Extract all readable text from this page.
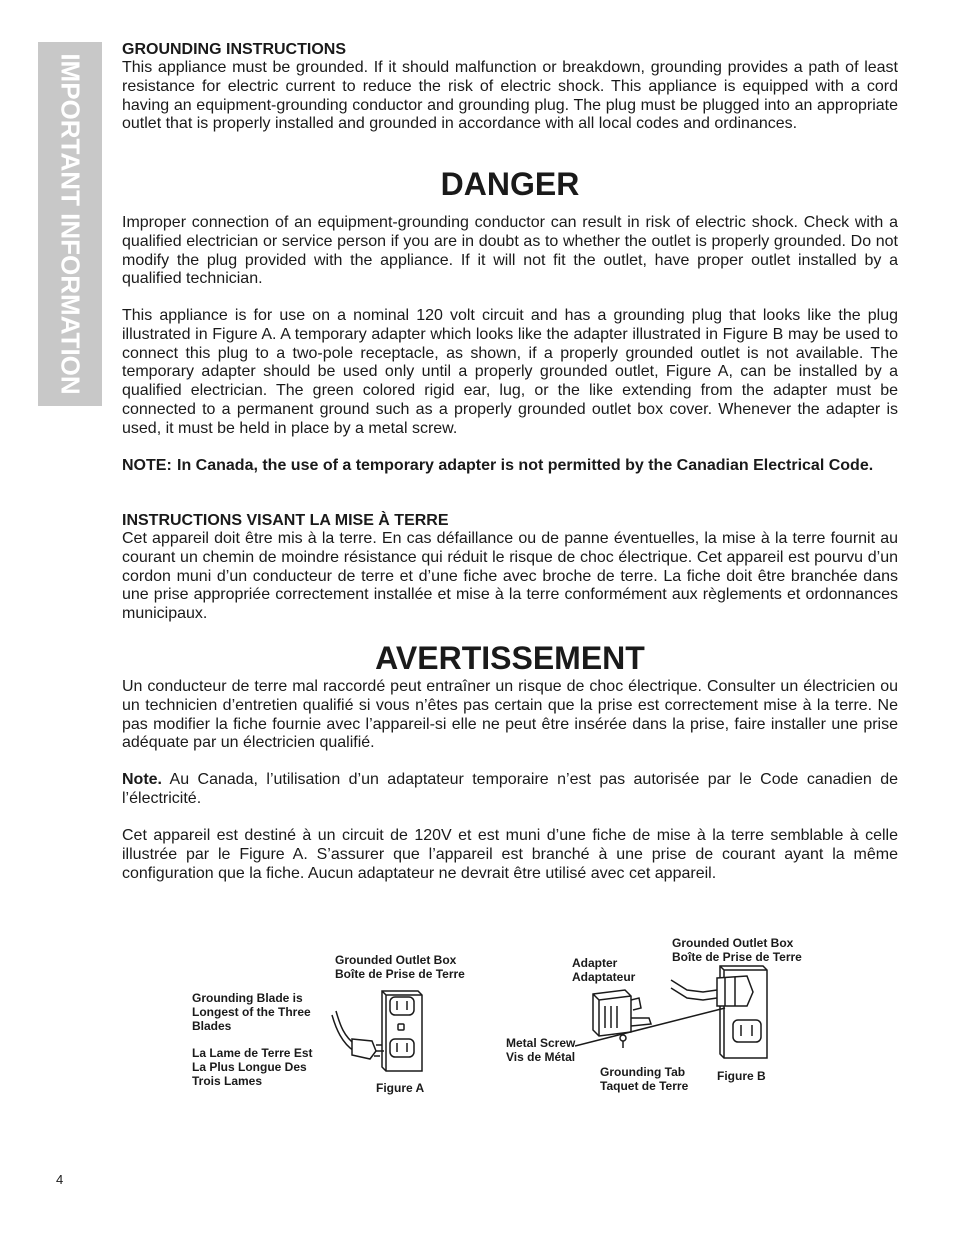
IMPORTANT INFORMATION
GROUNDING INSTRUCTIONS

This appliance must be grounded. If it should malfunction or breakdown, grounding provides a path of least resistance for electric current to reduce the risk of electric shock. This appliance is equipped with a cord having an equipment-grounding conductor and grounding plug. The plug must be plugged into an appropriate outlet that is properly installed and grounded in accordance with all local codes and ordinances.

DANGER

Improper connection of an equipment-grounding conductor can result in risk of electric shock. Check with a qualified electrician or service person if you are in doubt as to whether the outlet is properly grounded. Do not modify the plug provided with the appliance. If it will not fit the outlet, have proper outlet installed by a qualified technician.

This appliance is for use on a nominal 120 volt circuit and has a grounding plug that looks like the plug illustrated in Figure A. A temporary adapter which looks like the adapter illustrated in Figure B may be used to connect this plug to a two-pole receptacle, as shown, if a properly grounded outlet is not available. The temporary adapter should be used only until a properly grounded outlet, Figure A, can be installed by a qualified electrician. The green colored rigid ear, lug, or the like extending from the adapter must be connected to a permanent ground such as a properly grounded outlet box cover. Whenever the adapter is used, it must be held in place by a metal screw.

NOTE: In Canada, the use of a temporary adapter is not permitted by the Canadian Electrical Code.
INSTRUCTIONS VISANT LA MISE À TERRE

Cet appareil doit être mis à la terre. En cas défaillance ou de panne éventuelles, la mise à la terre fournit au courant un chemin de moindre résistance qui réduit le risque de choc électrique. Cet appareil est pourvu d’un cordon muni d’un conducteur de terre et d’une fiche avec broche de terre. La fiche doit être branchée dans une prise appropriée correctement installée et mise à la terre conformément aux règlements et ordonnances municipaux.

AVERTISSEMENT

Un conducteur de terre mal raccordé peut entraîner un risque de choc électrique. Consulter un électricien ou un technicien d’entretien qualifié si vous n’êtes pas certain que la prise est correctement mise à la terre. Ne pas modifier la fiche fournie avec l’appareil-si elle ne peut être insérée dans la prise, faire installer une prise adéquate par un électricien qualifié.

Note. Au Canada, l’utilisation d’un adaptateur temporaire n’est pas autorisée par le Code canadien de l’électricité.

Cet appareil est destiné à un circuit de 120V et est muni d’une fiche de mise à la terre semblable à celle illustrée par le Figure A. S’assurer que l’appareil est branché à une prise de courant ayant la même configuration que la fiche. Aucun adaptateur ne devrait être utilisé avec cet appareil.

Grounded Outlet Box
Boîte de Prise de Terre
Grounding Blade is
Longest of the Three
Blades
La Lame de Terre Est
La Plus Longue Des
Trois Lames	Figure A
Grounded Outlet Box
Boîte de Prise de Terre
Adapter
Adaptateur
Metal Screw
Vis de Métal
Grounding Tab
Taquet de Terre
Figure B
4
